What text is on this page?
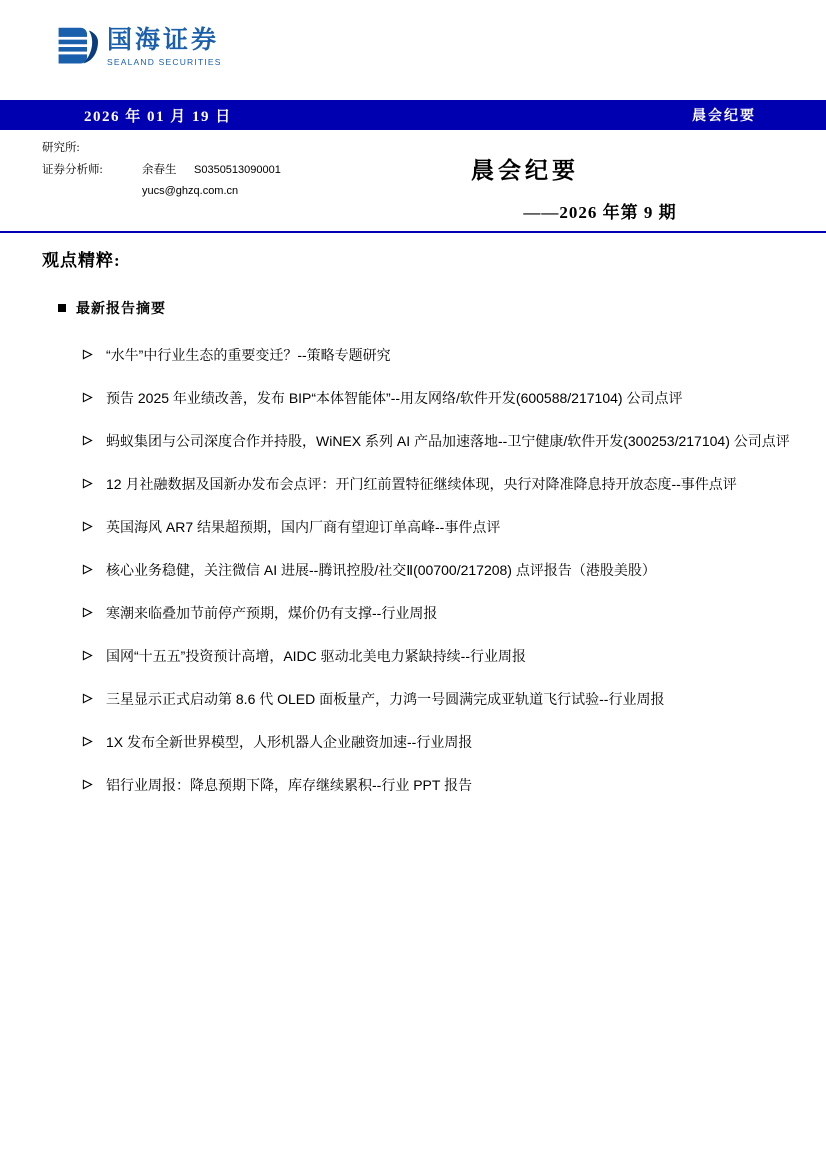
国海证券
SEALAND SECURITIES
2026 年 01 月 19 日	晨会纪要
研究所:
证券分析师:	余春生 S0350513090001
yucs@ghzq.com.cn
晨会纪要
——2026 年第 9 期
观点精粹:
最新报告摘要
“水牛”中行业生态的重要变迁？--策略专题研究
预告 2025 年业绩改善，发布 BIP“本体智能体”--用友网络/软件开发(600588/217104) 公司点评
蚂蚁集团与公司深度合作并持股，WiNEX 系列 AI 产品加速落地--卫宁健康/软件开发(300253/217104) 公司点评
12 月社融数据及国新办发布会点评：开门红前置特征继续体现，央行对降准降息持开放态度--事件点评
英国海风 AR7 结果超预期，国内厂商有望迎订单高峰--事件点评
核心业务稳健，关注微信 AI 进展--腾讯控股/社交Ⅱ(00700/217208) 点评报告（港股美股）
寒潮来临叠加节前停产预期，煤价仍有支撑--行业周报
国网“十五五”投资预计高增，AIDC 驱动北美电力紧缺持续--行业周报
三星显示正式启动第 8.6 代 OLED 面板量产，力鸿一号圆满完成亚轨道飞行试验--行业周报
1X 发布全新世界模型，人形机器人企业融资加速--行业周报
铝行业周报：降息预期下降，库存继续累积--行业 PPT 报告
